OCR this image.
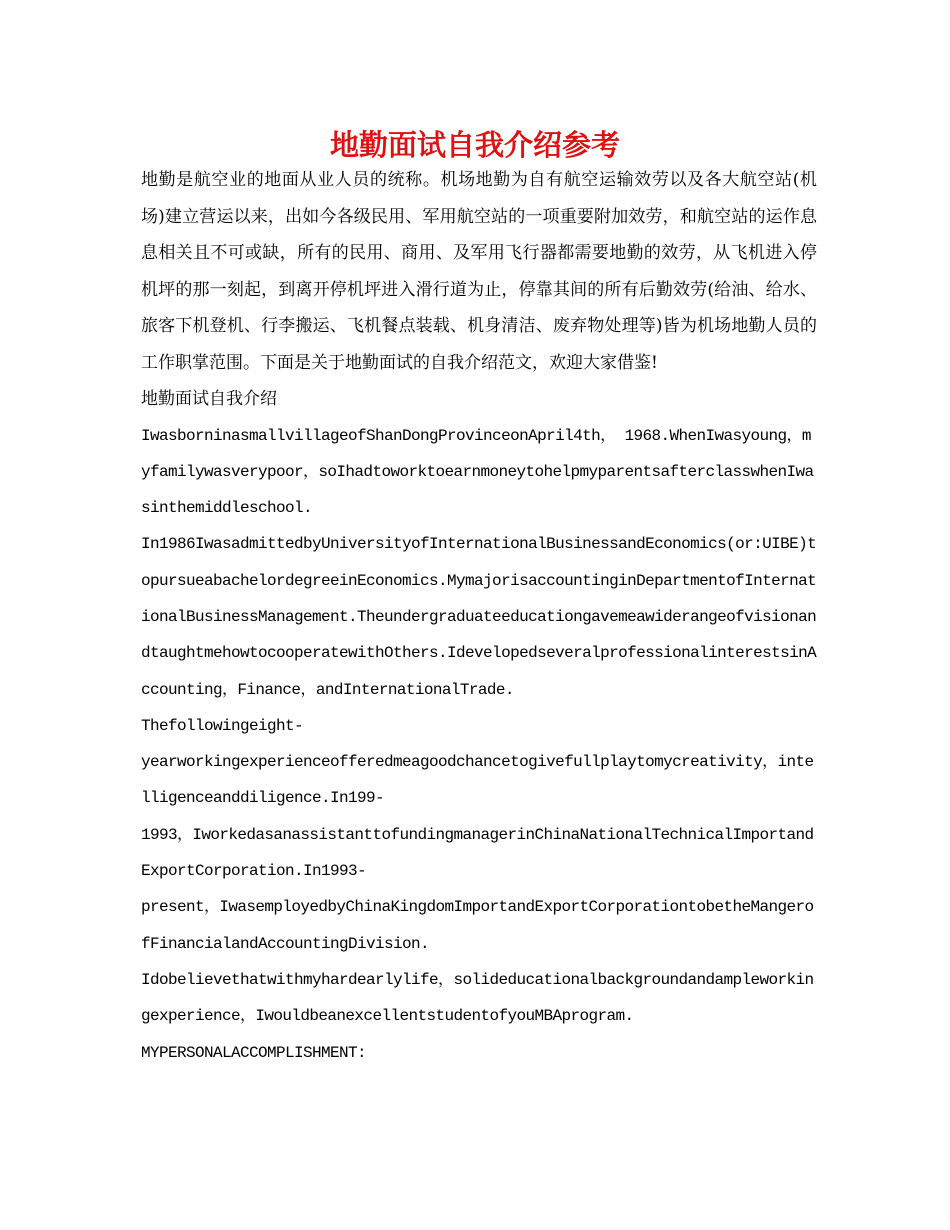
地勤面试自我介绍参考

地勤是航空业的地面从业人员的统称。机场地勤为自有航空运输效劳以及各大航空站(机场)建立营运以来，出如今各级民用、军用航空站的一项重要附加效劳，和航空站的运作息息相关且不可或缺，所有的民用、商用、及军用飞行器都需要地勤的效劳，从飞机进入停机坪的那一刻起，到离开停机坪进入滑行道为止，停靠其间的所有后勤效劳(给油、给水、旅客下机登机、行李搬运、飞机餐点装载、机身清洁、废弃物处理等)皆为机场地勤人员的工作职掌范围。下面是关于地勤面试的自我介绍范文，欢迎大家借鉴!

地勤面试自我介绍

IwasborninasmallvillageofShanDongProvinceonApril4th， 1968.WhenIwasyoung，myfamilywasverypoor，soIhadtoworktoearnmoneytohelpmyparentsafterclasswhenIwasinthemiddleschool.

In1986IwasadmittedbyUniversityofInternationalBusinessandEconomics(or:UIBE)topursueabachelordegreeinEconomics.MymajorisaccountinginDepartmentofInternationalBusinessManagement.TheundergraduateeducationgavemeawiderangeofvisionandtaughtmehowtocooperatewithOthers.IdevelopedseveralprofessionalinterestsinAccounting，Finance，andInternationalTrade.

Thefollowingeight-

yearworkingexperienceofferedmeagoodchancetogivefullplaytomycreativity，intelligenceanddiligence.In199-

1993，IworkedasanassistanttofundingmanagerinChinaNationalTechnicalImportandExportCorporation.In1993-

present，IwasemployedbyChinaKingdomImportandExportCorporationtobetheMangerofFinancialandAccountingDivision.

Idobelievethatwithmyhardearlylife，solideducationalbackgroundandampleworkingexperience，IwouldbeanexcellentstudentofyouMBAprogram.

MYPERSONALACCOMPLISHMENT:
